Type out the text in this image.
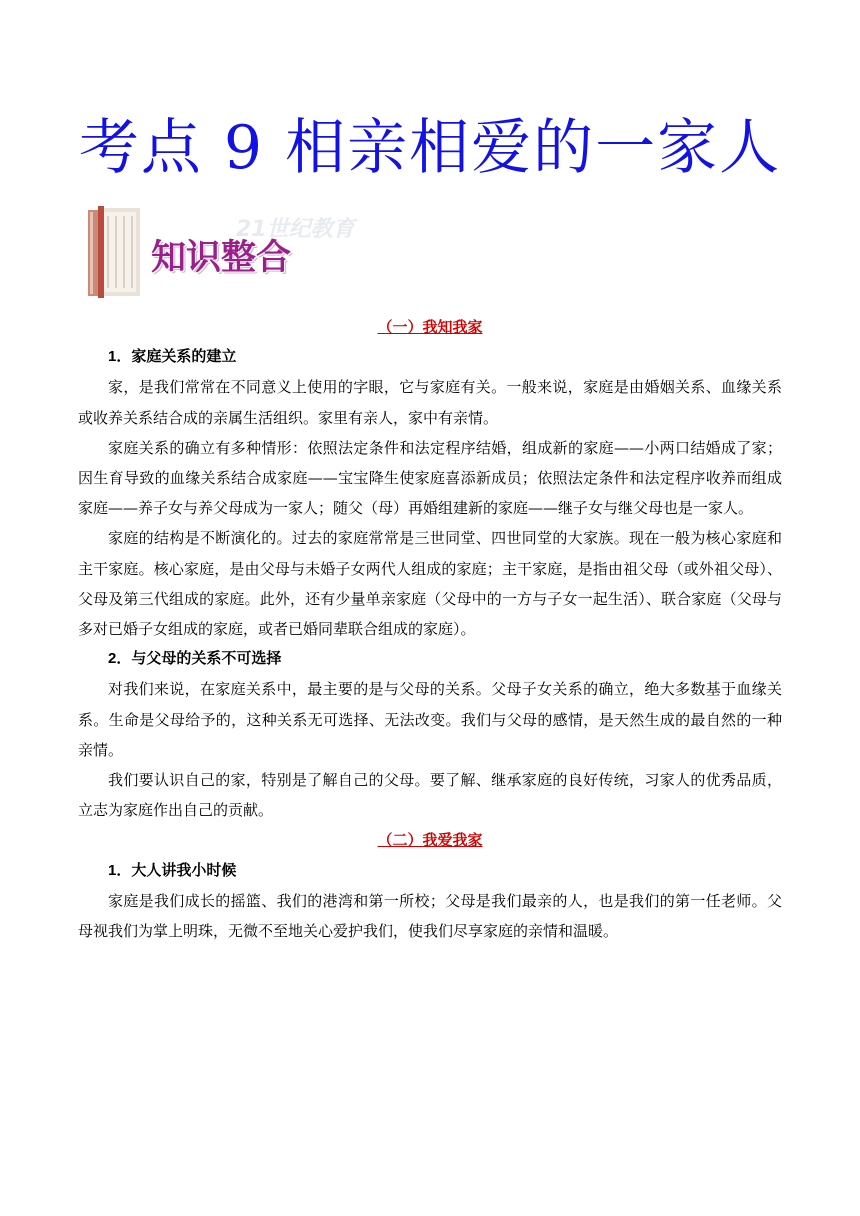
考点 9 相亲相爱的一家人
21世纪教育
知识整合

（一）我知我家

1．家庭关系的建立

家，是我们常常在不同意义上使用的字眼，它与家庭有关。一般来说，家庭是由婚姻关系、血缘关系或收养关系结合成的亲属生活组织。家里有亲人，家中有亲情。

家庭关系的确立有多种情形：依照法定条件和法定程序结婚，组成新的家庭——小两口结婚成了家；因生育导致的血缘关系结合成家庭——宝宝降生使家庭喜添新成员；依照法定条件和法定程序收养而组成家庭——养子女与养父母成为一家人；随父（母）再婚组建新的家庭——继子女与继父母也是一家人。

家庭的结构是不断演化的。过去的家庭常常是三世同堂、四世同堂的大家族。现在一般为核心家庭和主干家庭。核心家庭，是由父母与未婚子女两代人组成的家庭；主干家庭，是指由祖父母（或外祖父母）、父母及第三代组成的家庭。此外，还有少量单亲家庭（父母中的一方与子女一起生活）、联合家庭（父母与多对已婚子女组成的家庭，或者已婚同辈联合组成的家庭）。

2．与父母的关系不可选择

对我们来说，在家庭关系中，最主要的是与父母的关系。父母子女关系的确立，绝大多数基于血缘关系。生命是父母给予的，这种关系无可选择、无法改变。我们与父母的感情，是天然生成的最自然的一种亲情。

我们要认识自己的家，特别是了解自己的父母。要了解、继承家庭的良好传统，习家人的优秀品质，立志为家庭作出自己的贡献。

（二）我爱我家

1．大人讲我小时候

家庭是我们成长的摇篮、我们的港湾和第一所校；父母是我们最亲的人，也是我们的第一任老师。父母视我们为掌上明珠，无微不至地关心爱护我们，使我们尽享家庭的亲情和温暖。
